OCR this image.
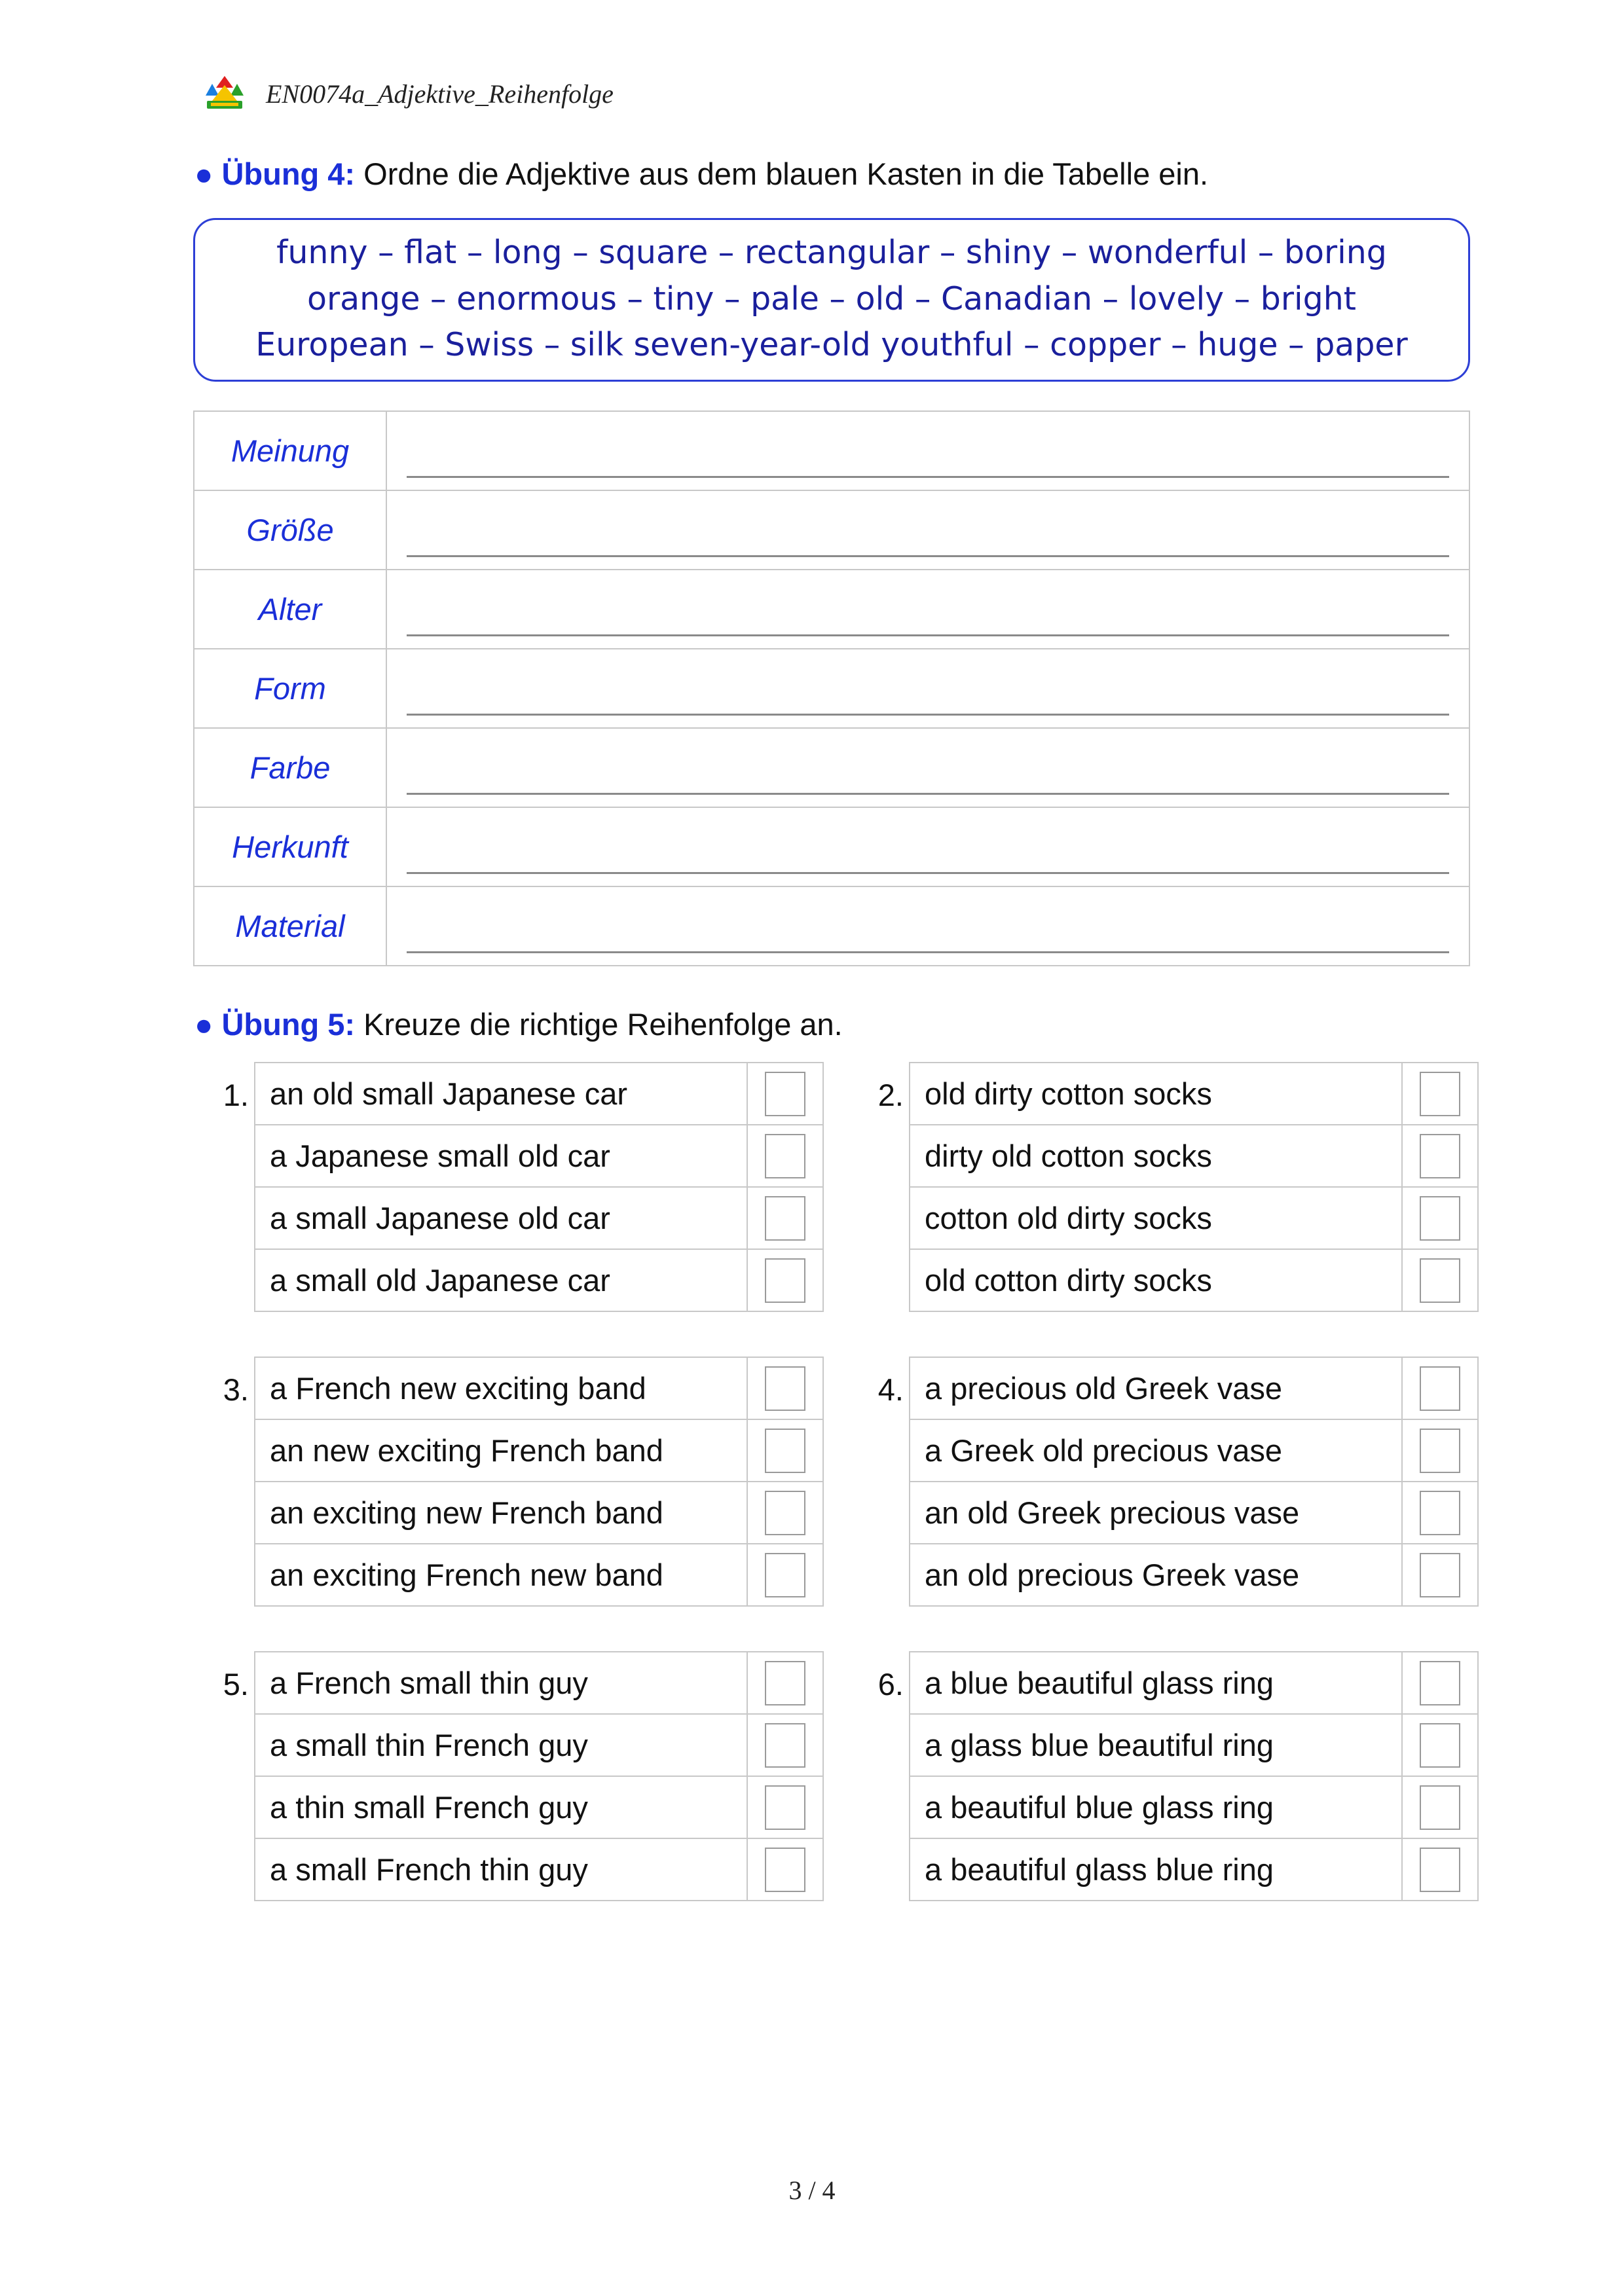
EN0074a_Adjektive_Reihenfolge
● Übung 4: Ordne die Adjektive aus dem blauen Kasten in die Tabelle ein.
funny – flat – long – square – rectangular – shiny – wonderful – boring
orange – enormous – tiny – pale – old – Canadian – lovely – bright
European – Swiss – silk seven-year-old youthful – copper – huge – paper
Meinung	

Größe	

Alter	

Form	

Farbe	

Herkunft	

Material	
● Übung 5: Kreuze die richtige Reihenfolge an.
1. an old small Japanese car	
a Japanese small old car	
a small Japanese old car	
a small old Japanese car	
2. old dirty cotton socks	
dirty old cotton socks	
cotton old dirty socks	
old cotton dirty socks	
3. a French new exciting band	
an new exciting French band	
an exciting new French band	
an exciting French new band	
4. a precious old Greek vase	
a Greek old precious vase	
an old Greek precious vase	
an old precious Greek vase	
5. a French small thin guy	
a small thin French guy	
a thin small French guy	
a small French thin guy	
6. a blue beautiful glass ring	
a glass blue beautiful ring	
a beautiful blue glass ring	
a beautiful glass blue ring	
3 / 4
